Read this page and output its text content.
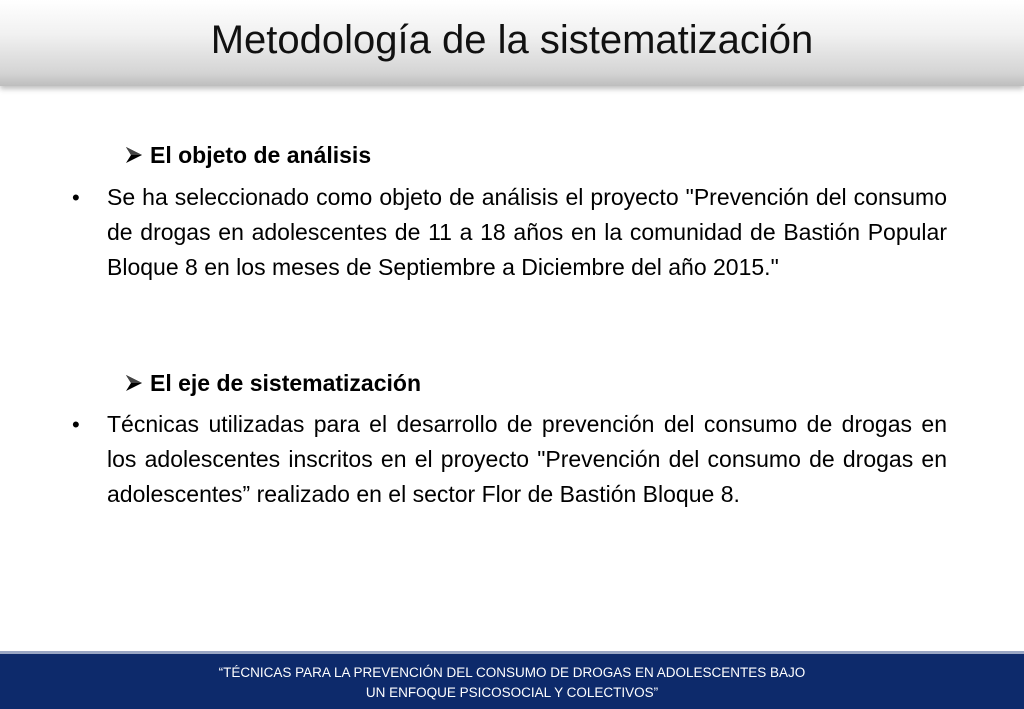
Metodología de la sistematización
El objeto de análisis
• Se ha seleccionado como objeto de análisis el proyecto "Prevención del consumo de drogas en adolescentes de 11 a 18 años en la comunidad de Bastión Popular Bloque 8 en los meses de Septiembre a Diciembre del año 2015."
El eje de sistematización
• Técnicas utilizadas para el desarrollo de prevención del consumo de drogas en los adolescentes inscritos en el proyecto "Prevención del consumo de drogas en adolescentes” realizado en el sector Flor de Bastión Bloque 8.
“TÉCNICAS PARA LA PREVENCIÓN DEL CONSUMO DE DROGAS EN ADOLESCENTES BAJO UN ENFOQUE PSICOSOCIAL Y COLECTIVOS”
